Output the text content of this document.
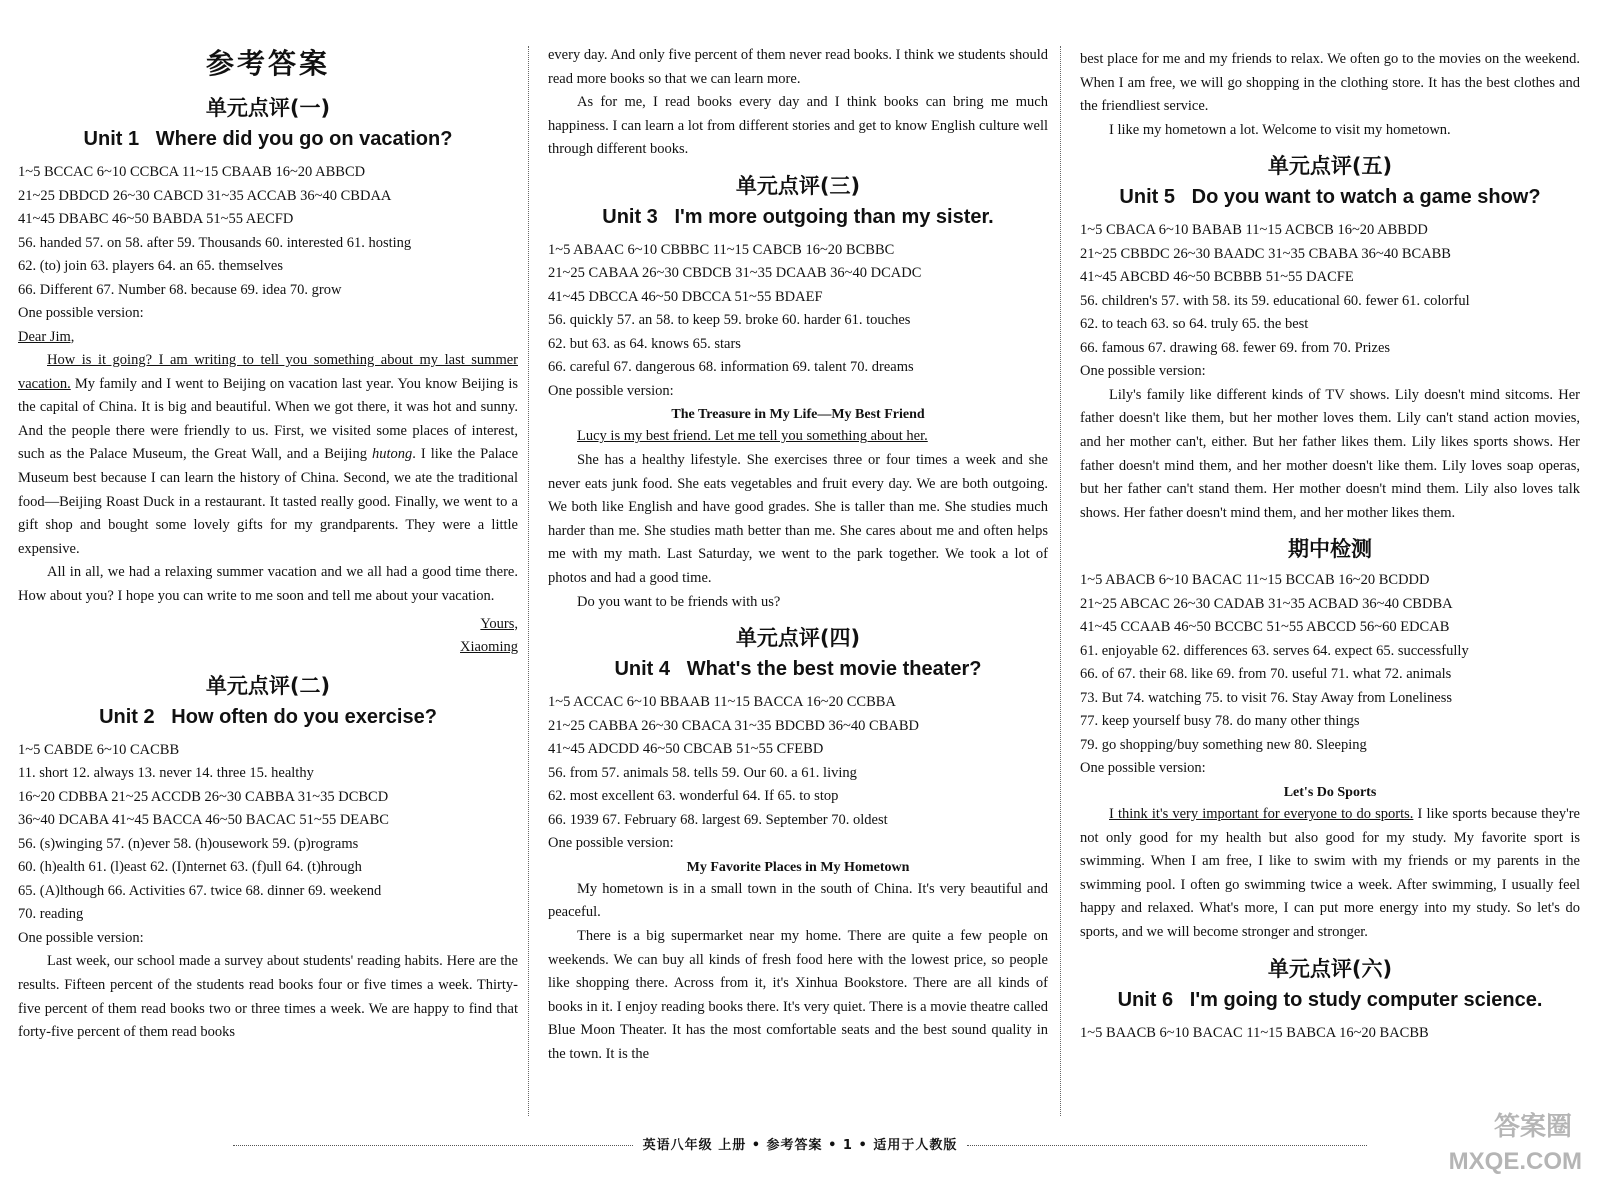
参考答案
单元点评(一)
Unit 1   Where did you go on vacation?
1~5 BCCAC 6~10 CCBCA 11~15 CBAAB 16~20 ABBCD
21~25 DBDCD 26~30 CABCD 31~35 ACCAB 36~40 CBDAA
41~45 DBABC 46~50 BABDA 51~55 AECFD
56. handed 57. on 58. after 59. Thousands 60. interested 61. hosting
62. (to) join 63. players 64. an 65. themselves
66. Different 67. Number 68. because 69. idea 70. grow
One possible version:
Dear Jim,

How is it going? I am writing to tell you something about my last summer vacation. My family and I went to Beijing on vacation last year. You know Beijing is the capital of China. It is big and beautiful. When we got there, it was hot and sunny. And the people there were friendly to us. First, we visited some places of interest, such as the Palace Museum, the Great Wall, and a Beijing hutong. I like the Palace Museum best because I can learn the history of China. Second, we ate the traditional food—Beijing Roast Duck in a restaurant. It tasted really good. Finally, we went to a gift shop and bought some lovely gifts for my grandparents. They were a little expensive.

All in all, we had a relaxing summer vacation and we all had a good time there. How about you? I hope you can write to me soon and tell me about your vacation.

Yours,
Xiaoming
单元点评(二)
Unit 2   How often do you exercise?
1~5 CABDE 6~10 CACBB
11. short 12. always 13. never 14. three 15. healthy
16~20 CDBBA 21~25 ACCDB 26~30 CABBA 31~35 DCBCD
36~40 DCABA 41~45 BACCA 46~50 BACAC 51~55 DEABC
56. (s)winging 57. (n)ever 58. (h)ousework 59. (p)rograms
60. (h)ealth 61. (l)east 62. (I)nternet 63. (f)ull 64. (t)hrough
65. (A)lthough 66. Activities 67. twice 68. dinner 69. weekend
70. reading
One possible version:

Last week, our school made a survey about students' reading habits. Here are the results. Fifteen percent of the students read books four or five times a week. Thirty-five percent of them read books two or three times a week. We are happy to find that forty-five percent of them read books

every day. And only five percent of them never read books. I think we students should read more books so that we can learn more.

As for me, I read books every day and I think books can bring me much happiness. I can learn a lot from different stories and get to know English culture well through different books.

单元点评(三)
Unit 3   I'm more outgoing than my sister.
1~5 ABAAC 6~10 CBBBC 11~15 CABCB 16~20 BCBBC
21~25 CABAA 26~30 CBDCB 31~35 DCAAB 36~40 DCADC
41~45 DBCCA 46~50 DBCCA 51~55 BDAEF
56. quickly 57. an 58. to keep 59. broke 60. harder 61. touches
62. but 63. as 64. knows 65. stars
66. careful 67. dangerous 68. information 69. talent 70. dreams
One possible version:
The Treasure in My Life—My Best Friend

Lucy is my best friend. Let me tell you something about her.

She has a healthy lifestyle. She exercises three or four times a week and she never eats junk food. She eats vegetables and fruit every day. We are both outgoing. We both like English and have good grades. She is taller than me. She studies much harder than me. She studies math better than me. She cares about me and often helps me with my math. Last Saturday, we went to the park together. We took a lot of photos and had a good time.

Do you want to be friends with us?

单元点评(四)
Unit 4   What's the best movie theater?
1~5 ACCAC 6~10 BBAAB 11~15 BACCA 16~20 CCBBA
21~25 CABBA 26~30 CBACA 31~35 BDCBD 36~40 CBABD
41~45 ADCDD 46~50 CBCAB 51~55 CFEBD
56. from 57. animals 58. tells 59. Our 60. a 61. living
62. most excellent 63. wonderful 64. If 65. to stop
66. 1939 67. February 68. largest 69. September 70. oldest
One possible version:
My Favorite Places in My Hometown

My hometown is in a small town in the south of China. It's very beautiful and peaceful.

There is a big supermarket near my home. There are quite a few people on weekends. We can buy all kinds of fresh food here with the lowest price, so people like shopping there. Across from it, it's Xinhua Bookstore. There are all kinds of books in it. I enjoy reading books there. It's very quiet. There is a movie theatre called Blue Moon Theater. It has the most comfortable seats and the best sound quality in the town. It is the

best place for me and my friends to relax. We often go to the movies on the weekend. When I am free, we will go shopping in the clothing store. It has the best clothes and the friendliest service.

I like my hometown a lot. Welcome to visit my hometown.

单元点评(五)
Unit 5   Do you want to watch a game show?
1~5 CBACA 6~10 BABAB 11~15 ACBCB 16~20 ABBDD
21~25 CBBDC 26~30 BAADC 31~35 CBABA 36~40 BCABB
41~45 ABCBD 46~50 BCBBB 51~55 DACFE
56. children's 57. with 58. its 59. educational 60. fewer 61. colorful
62. to teach 63. so 64. truly 65. the best
66. famous 67. drawing 68. fewer 69. from 70. Prizes
One possible version:

Lily's family like different kinds of TV shows. Lily doesn't mind sitcoms. Her father doesn't like them, but her mother loves them. Lily can't stand action movies, and her mother can't, either. But her father likes them. Lily likes sports shows. Her father doesn't mind them, and her mother doesn't like them. Lily loves soap operas, but her father can't stand them. Her mother doesn't mind them. Lily also loves talk shows. Her father doesn't mind them, and her mother likes them.

期中检测
1~5 ABACB 6~10 BACAC 11~15 BCCAB 16~20 BCDDD
21~25 ABCAC 26~30 CADAB 31~35 ACBAD 36~40 CBDBA
41~45 CCAAB 46~50 BCCBC 51~55 ABCCD 56~60 EDCAB
61. enjoyable 62. differences 63. serves 64. expect 65. successfully
66. of 67. their 68. like 69. from 70. useful 71. what 72. animals
73. But 74. watching 75. to visit 76. Stay Away from Loneliness
77. keep yourself busy 78. do many other things
79. go shopping/buy something new 80. Sleeping
One possible version:
Let's Do Sports

I think it's very important for everyone to do sports. I like sports because they're not only good for my health but also good for my study. My favorite sport is swimming. When I am free, I like to swim with my friends or my parents in the swimming pool. I often go swimming twice a week. After swimming, I usually feel happy and relaxed. What's more, I can put more energy into my study. So let's do sports, and we will become stronger and stronger.

单元点评(六)
Unit 6   I'm going to study computer science.
1~5 BAACB 6~10 BACAC 11~15 BABCA 16~20 BACBB
英语八年级 上册 • 参考答案 • 1 • 适用于人教版
答案圈
MXQE.COM
